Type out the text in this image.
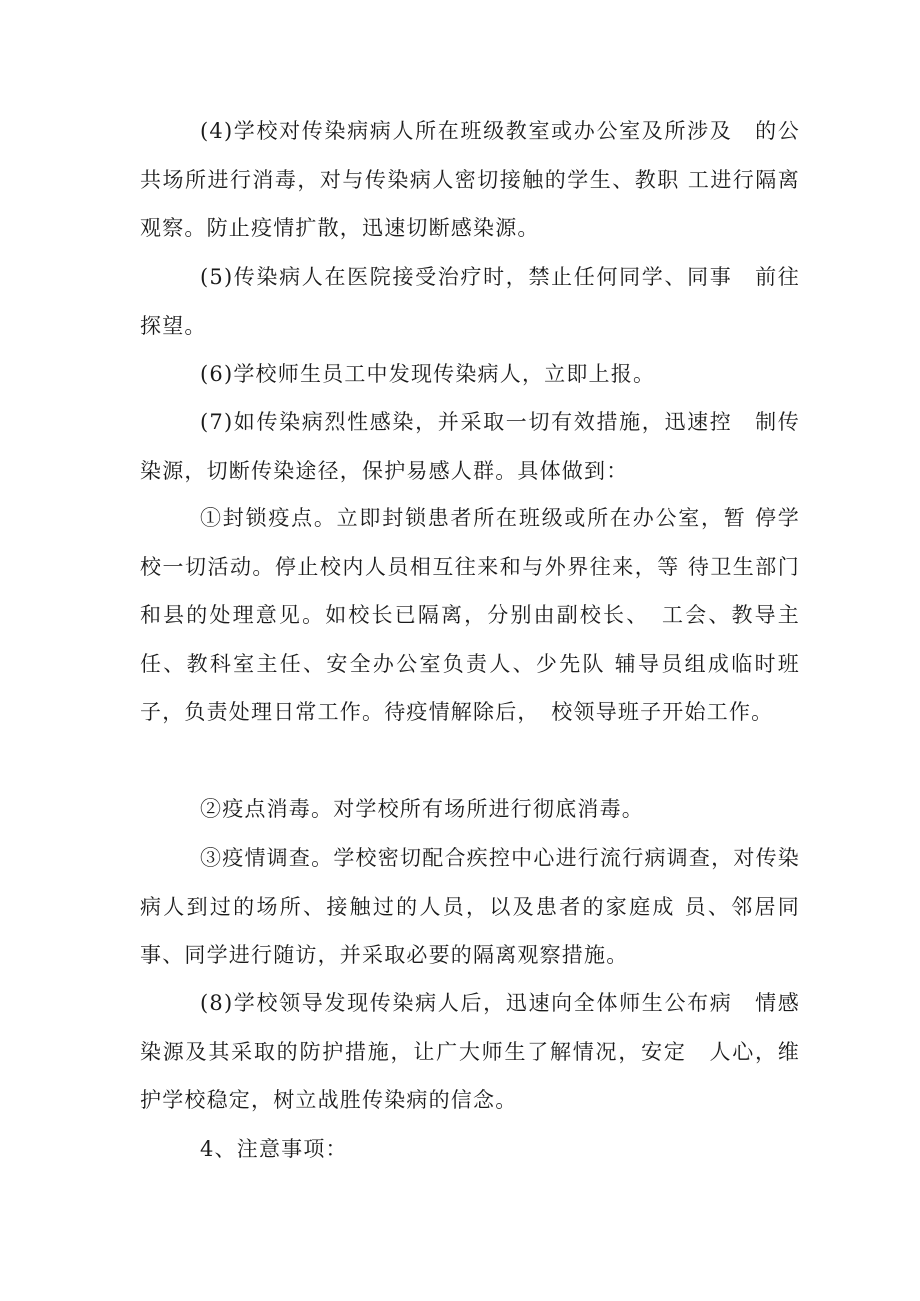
(4)学校对传染病病人所在班级教室或办公室及所涉及　的公共场所进行消毒，对与传染病人密切接触的学生、教职 工进行隔离观察。防止疫情扩散，迅速切断感染源。

(5)传染病人在医院接受治疗时，禁止任何同学、同事　前往探望。

(6)学校师生员工中发现传染病人，立即上报。

(7)如传染病烈性感染，并采取一切有效措施，迅速控　制传染源，切断传染途径，保护易感人群。具体做到：

①封锁疫点。立即封锁患者所在班级或所在办公室，暂 停学校一切活动。停止校内人员相互往来和与外界往来，等 待卫生部门和县的处理意见。如校长已隔离，分别由副校长、　工会、教导主任、教科室主任、安全办公室负责人、少先队 辅导员组成临时班子，负责处理日常工作。待疫情解除后，　校领导班子开始工作。

②疫点消毒。对学校所有场所进行彻底消毒。

③疫情调查。学校密切配合疾控中心进行流行病调查，对传染病人到过的场所、接触过的人员，以及患者的家庭成 员、邻居同事、同学进行随访，并采取必要的隔离观察措施。

(8)学校领导发现传染病人后，迅速向全体师生公布病　情感染源及其采取的防护措施，让广大师生了解情况，安定　人心，维护学校稳定，树立战胜传染病的信念。

4、注意事项：
